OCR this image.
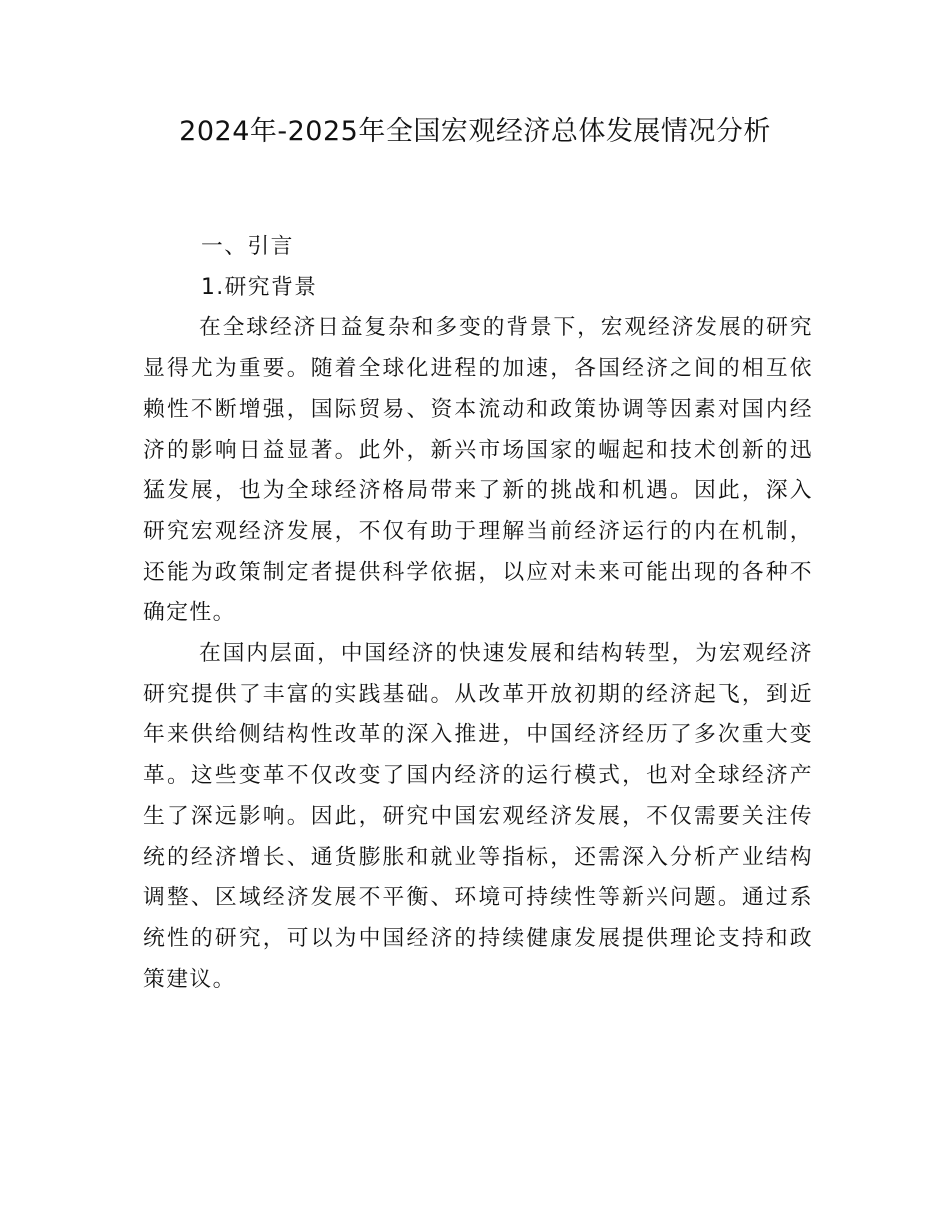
2024年-2025年全国宏观经济总体发展情况分析

一、引言

1.研究背景

在全球经济日益复杂和多变的背景下，宏观经济发展的研究显得尤为重要。随着全球化进程的加速，各国经济之间的相互依赖性不断增强，国际贸易、资本流动和政策协调等因素对国内经济的影响日益显著。此外，新兴市场国家的崛起和技术创新的迅猛发展，也为全球经济格局带来了新的挑战和机遇。因此，深入研究宏观经济发展，不仅有助于理解当前经济运行的内在机制，还能为政策制定者提供科学依据，以应对未来可能出现的各种不确定性。

在国内层面，中国经济的快速发展和结构转型，为宏观经济研究提供了丰富的实践基础。从改革开放初期的经济起飞，到近年来供给侧结构性改革的深入推进，中国经济经历了多次重大变革。这些变革不仅改变了国内经济的运行模式，也对全球经济产生了深远影响。因此，研究中国宏观经济发展，不仅需要关注传统的经济增长、通货膨胀和就业等指标，还需深入分析产业结构调整、区域经济发展不平衡、环境可持续性等新兴问题。通过系统性的研究，可以为中国经济的持续健康发展提供理论支持和政策建议。
